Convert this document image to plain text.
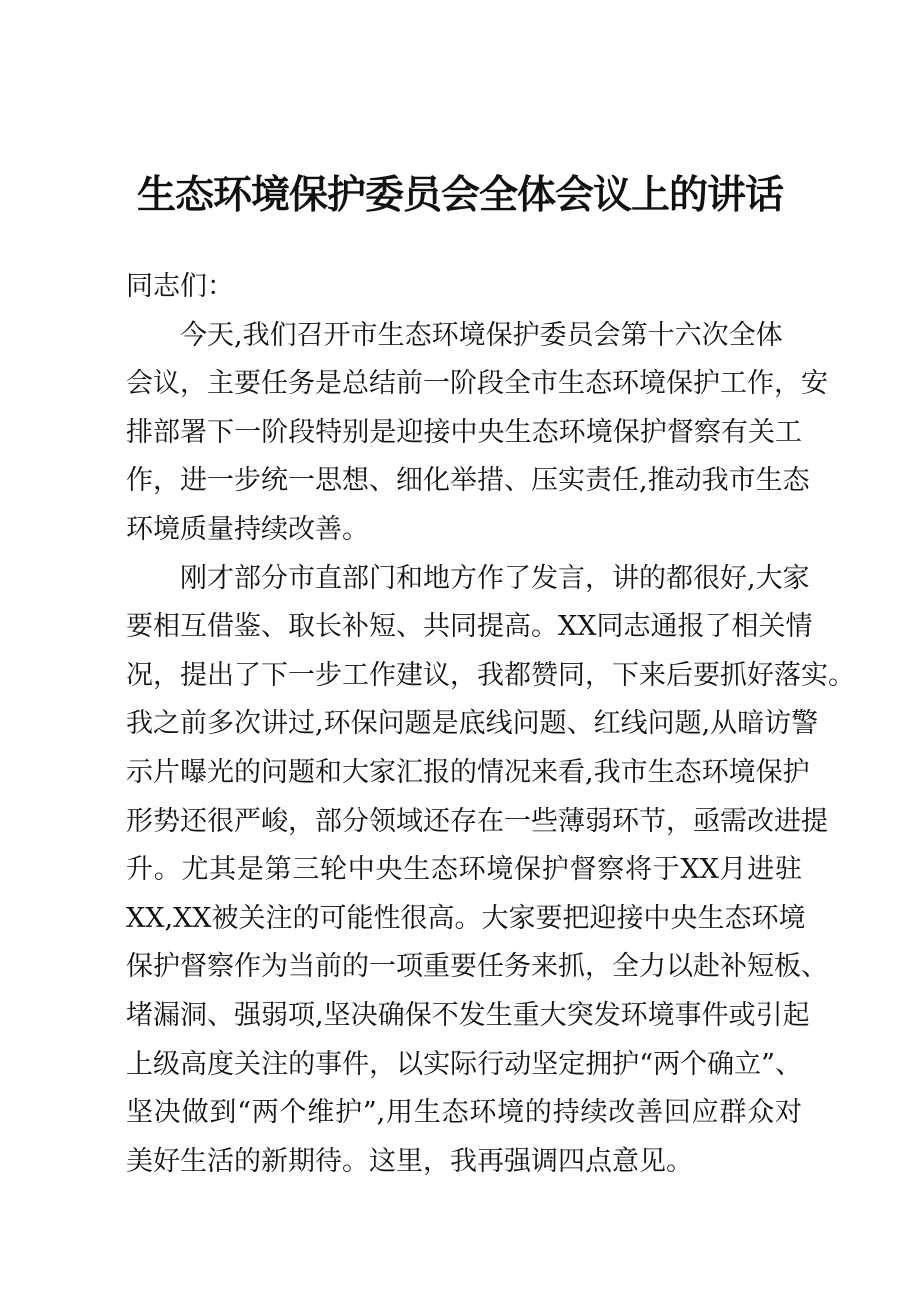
生态环境保护委员会全体会议上的讲话

同志们：

今天,我们召开市生态环境保护委员会第十六次全体
会议，主要任务是总结前一阶段全市生态环境保护工作，安
排部署下一阶段特别是迎接中央生态环境保护督察有关工
作，进一步统一思想、细化举措、压实责任,推动我市生态
环境质量持续改善。

刚才部分市直部门和地方作了发言，讲的都很好,大家
要相互借鉴、取长补短、共同提高。XX同志通报了相关情
况，提出了下一步工作建议，我都赞同，下来后要抓好落实。
我之前多次讲过,环保问题是底线问题、红线问题,从暗访警
示片曝光的问题和大家汇报的情况来看,我市生态环境保护
形势还很严峻，部分领域还存在一些薄弱环节，亟需改进提
升。尤其是第三轮中央生态环境保护督察将于XX月进驻
XX,XX被关注的可能性很高。大家要把迎接中央生态环境
保护督察作为当前的一项重要任务来抓，全力以赴补短板、
堵漏洞、强弱项,坚决确保不发生重大突发环境事件或引起
上级高度关注的事件，以实际行动坚定拥护“两个确立”、
坚决做到“两个维护”,用生态环境的持续改善回应群众对
美好生活的新期待。这里，我再强调四点意见。
